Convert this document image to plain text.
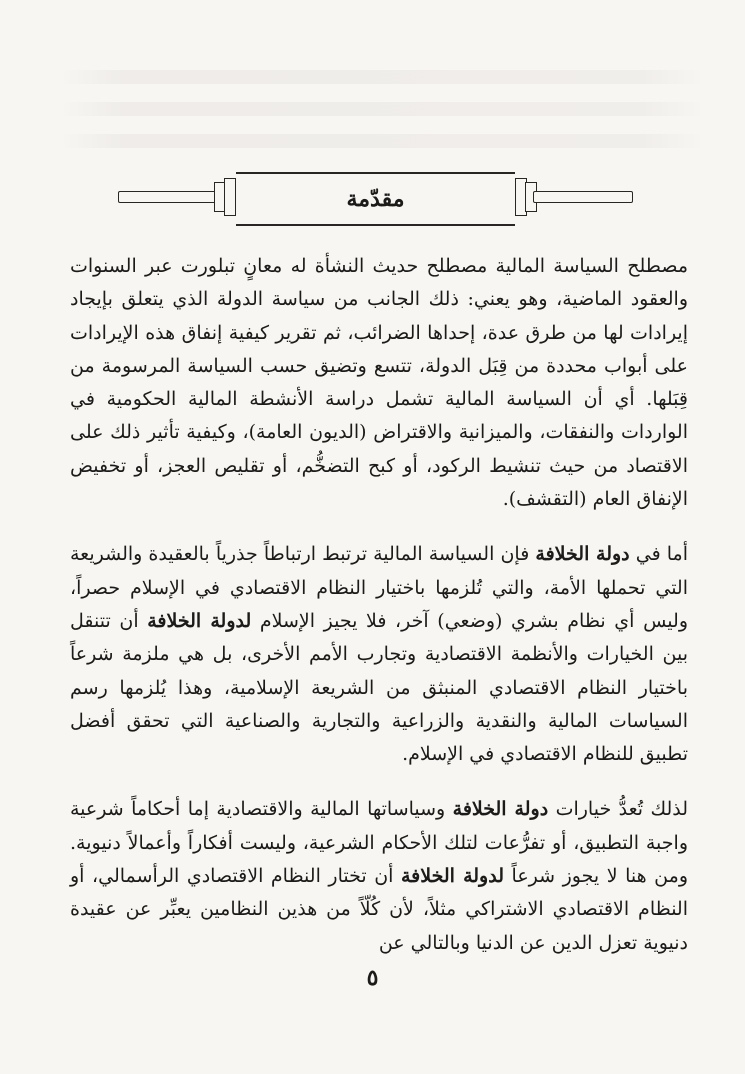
مقدّمة

مصطلح السياسة المالية مصطلح حديث النشأة له معانٍ تبلورت عبر السنوات والعقود الماضية، وهو يعني: ذلك الجانب من سياسة الدولة الذي يتعلق بإيجاد إيرادات لها من طرق عدة، إحداها الضرائب، ثم تقرير كيفية إنفاق هذه الإيرادات على أبواب محددة من قِبَل الدولة، تتسع وتضيق حسب السياسة المرسومة من قِبَلها. أي أن السياسة المالية تشمل دراسة الأنشطة المالية الحكومية في الواردات والنفقات، والميزانية والاقتراض (الديون العامة)، وكيفية تأثير ذلك على الاقتصاد من حيث تنشيط الركود، أو كبح التضخُّم، أو تقليص العجز، أو تخفيض الإنفاق العام (التقشف).

أما في دولة الخلافة فإن السياسة المالية ترتبط ارتباطاً جذرياً بالعقيدة والشريعة التي تحملها الأمة، والتي تُلزمها باختيار النظام الاقتصادي في الإسلام حصراً، وليس أي نظام بشري (وضعي) آخر، فلا يجيز الإسلام لدولة الخلافة أن تتنقل بين الخيارات والأنظمة الاقتصادية وتجارب الأمم الأخرى، بل هي ملزمة شرعاً باختيار النظام الاقتصادي المنبثق من الشريعة الإسلامية، وهذا يُلزمها رسم السياسات المالية والنقدية والزراعية والتجارية والصناعية التي تحقق أفضل تطبيق للنظام الاقتصادي في الإسلام.

لذلك تُعدُّ خيارات دولة الخلافة وسياساتها المالية والاقتصادية إما أحكاماً شرعية واجبة التطبيق، أو تفرُّعات لتلك الأحكام الشرعية، وليست أفكاراً وأعمالاً دنيوية. ومن هنا لا يجوز شرعاً لدولة الخلافة أن تختار النظام الاقتصادي الرأسمالي، أو النظام الاقتصادي الاشتراكي مثلاً، لأن كُلّاً من هذين النظامين يعبِّر عن عقيدة دنيوية تعزل الدين عن الدنيا وبالتالي عن

٥
